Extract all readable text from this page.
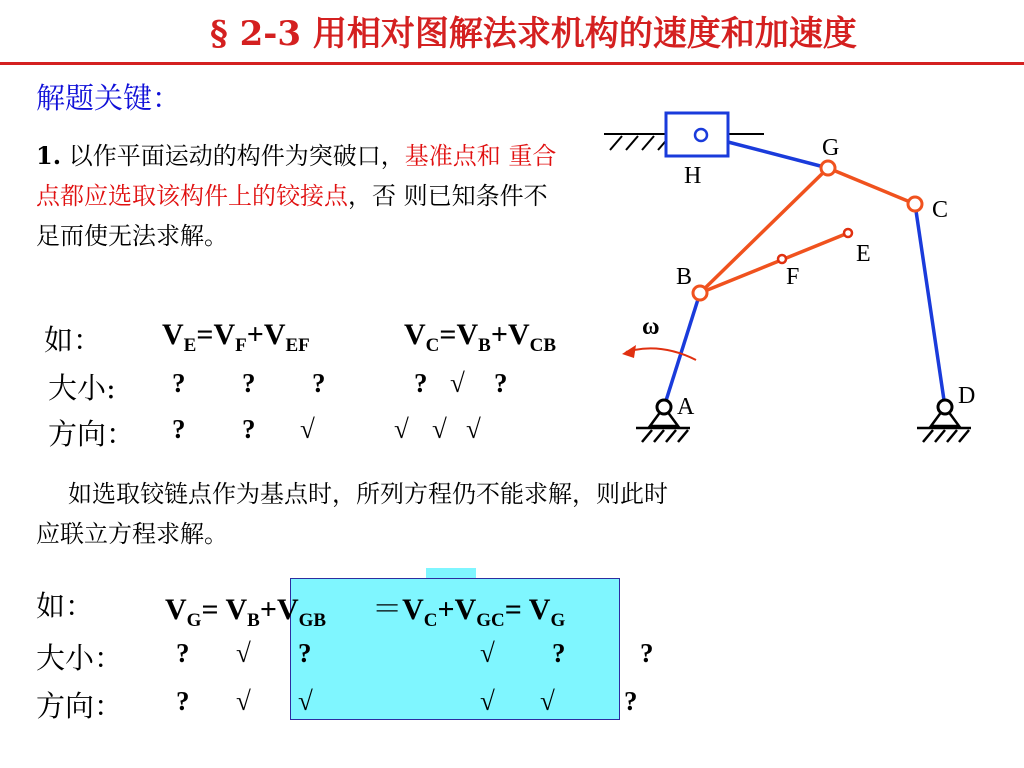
§ 2-3 用相对图解法求机构的速度和加速度
解题关键：
1. 以作平面运动的构件为突破口，基准点和 重合点都应选取该构件上的铰接点，否 则已知条件不足而使无法求解。
如： $V_E=V_F+V_{EF}$	$V_C=V_B+V_{CB}$
大小: ? ? ?	? √ ?
方向： ? ? √	√ √ √
如选取铰链点作为基点时，所列方程仍不能求解，则此时应联立方程求解。
如： $V_G= V_B+V_{GB} =V_C+V_{GC}= V_G$
大小： ? √ ?	√ ?	?
方向： ? √ √	√ √	?
G
H
C
E
B	F
A	D
ω
